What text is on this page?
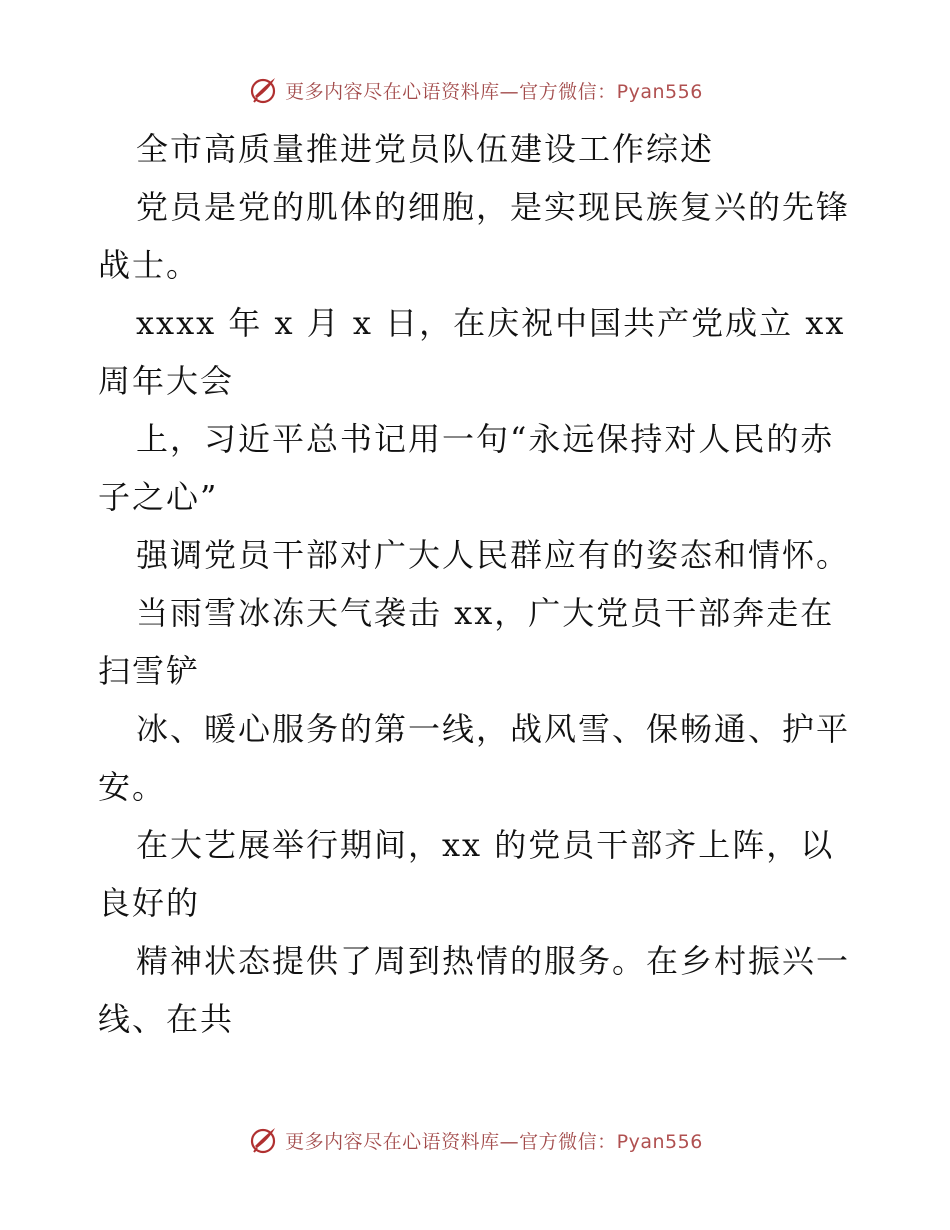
更多内容尽在心语资料库—官方微信：Pyan556
全市高质量推进党员队伍建设工作综述
党员是党的肌体的细胞，是实现民族复兴的先锋
战士。
xxxx 年 x 月 x 日，在庆祝中国共产党成立 xx
周年大会
上，习近平总书记用一句“永远保持对人民的赤
子之心”
强调党员干部对广大人民群应有的姿态和情怀。
当雨雪冰冻天气袭击 xx，广大党员干部奔走在
扫雪铲
冰、暖心服务的第一线，战风雪、保畅通、护平
安。
在大艺展举行期间，xx 的党员干部齐上阵，以
良好的
精神状态提供了周到热情的服务。在乡村振兴一
线、在共
更多内容尽在心语资料库—官方微信：Pyan556
